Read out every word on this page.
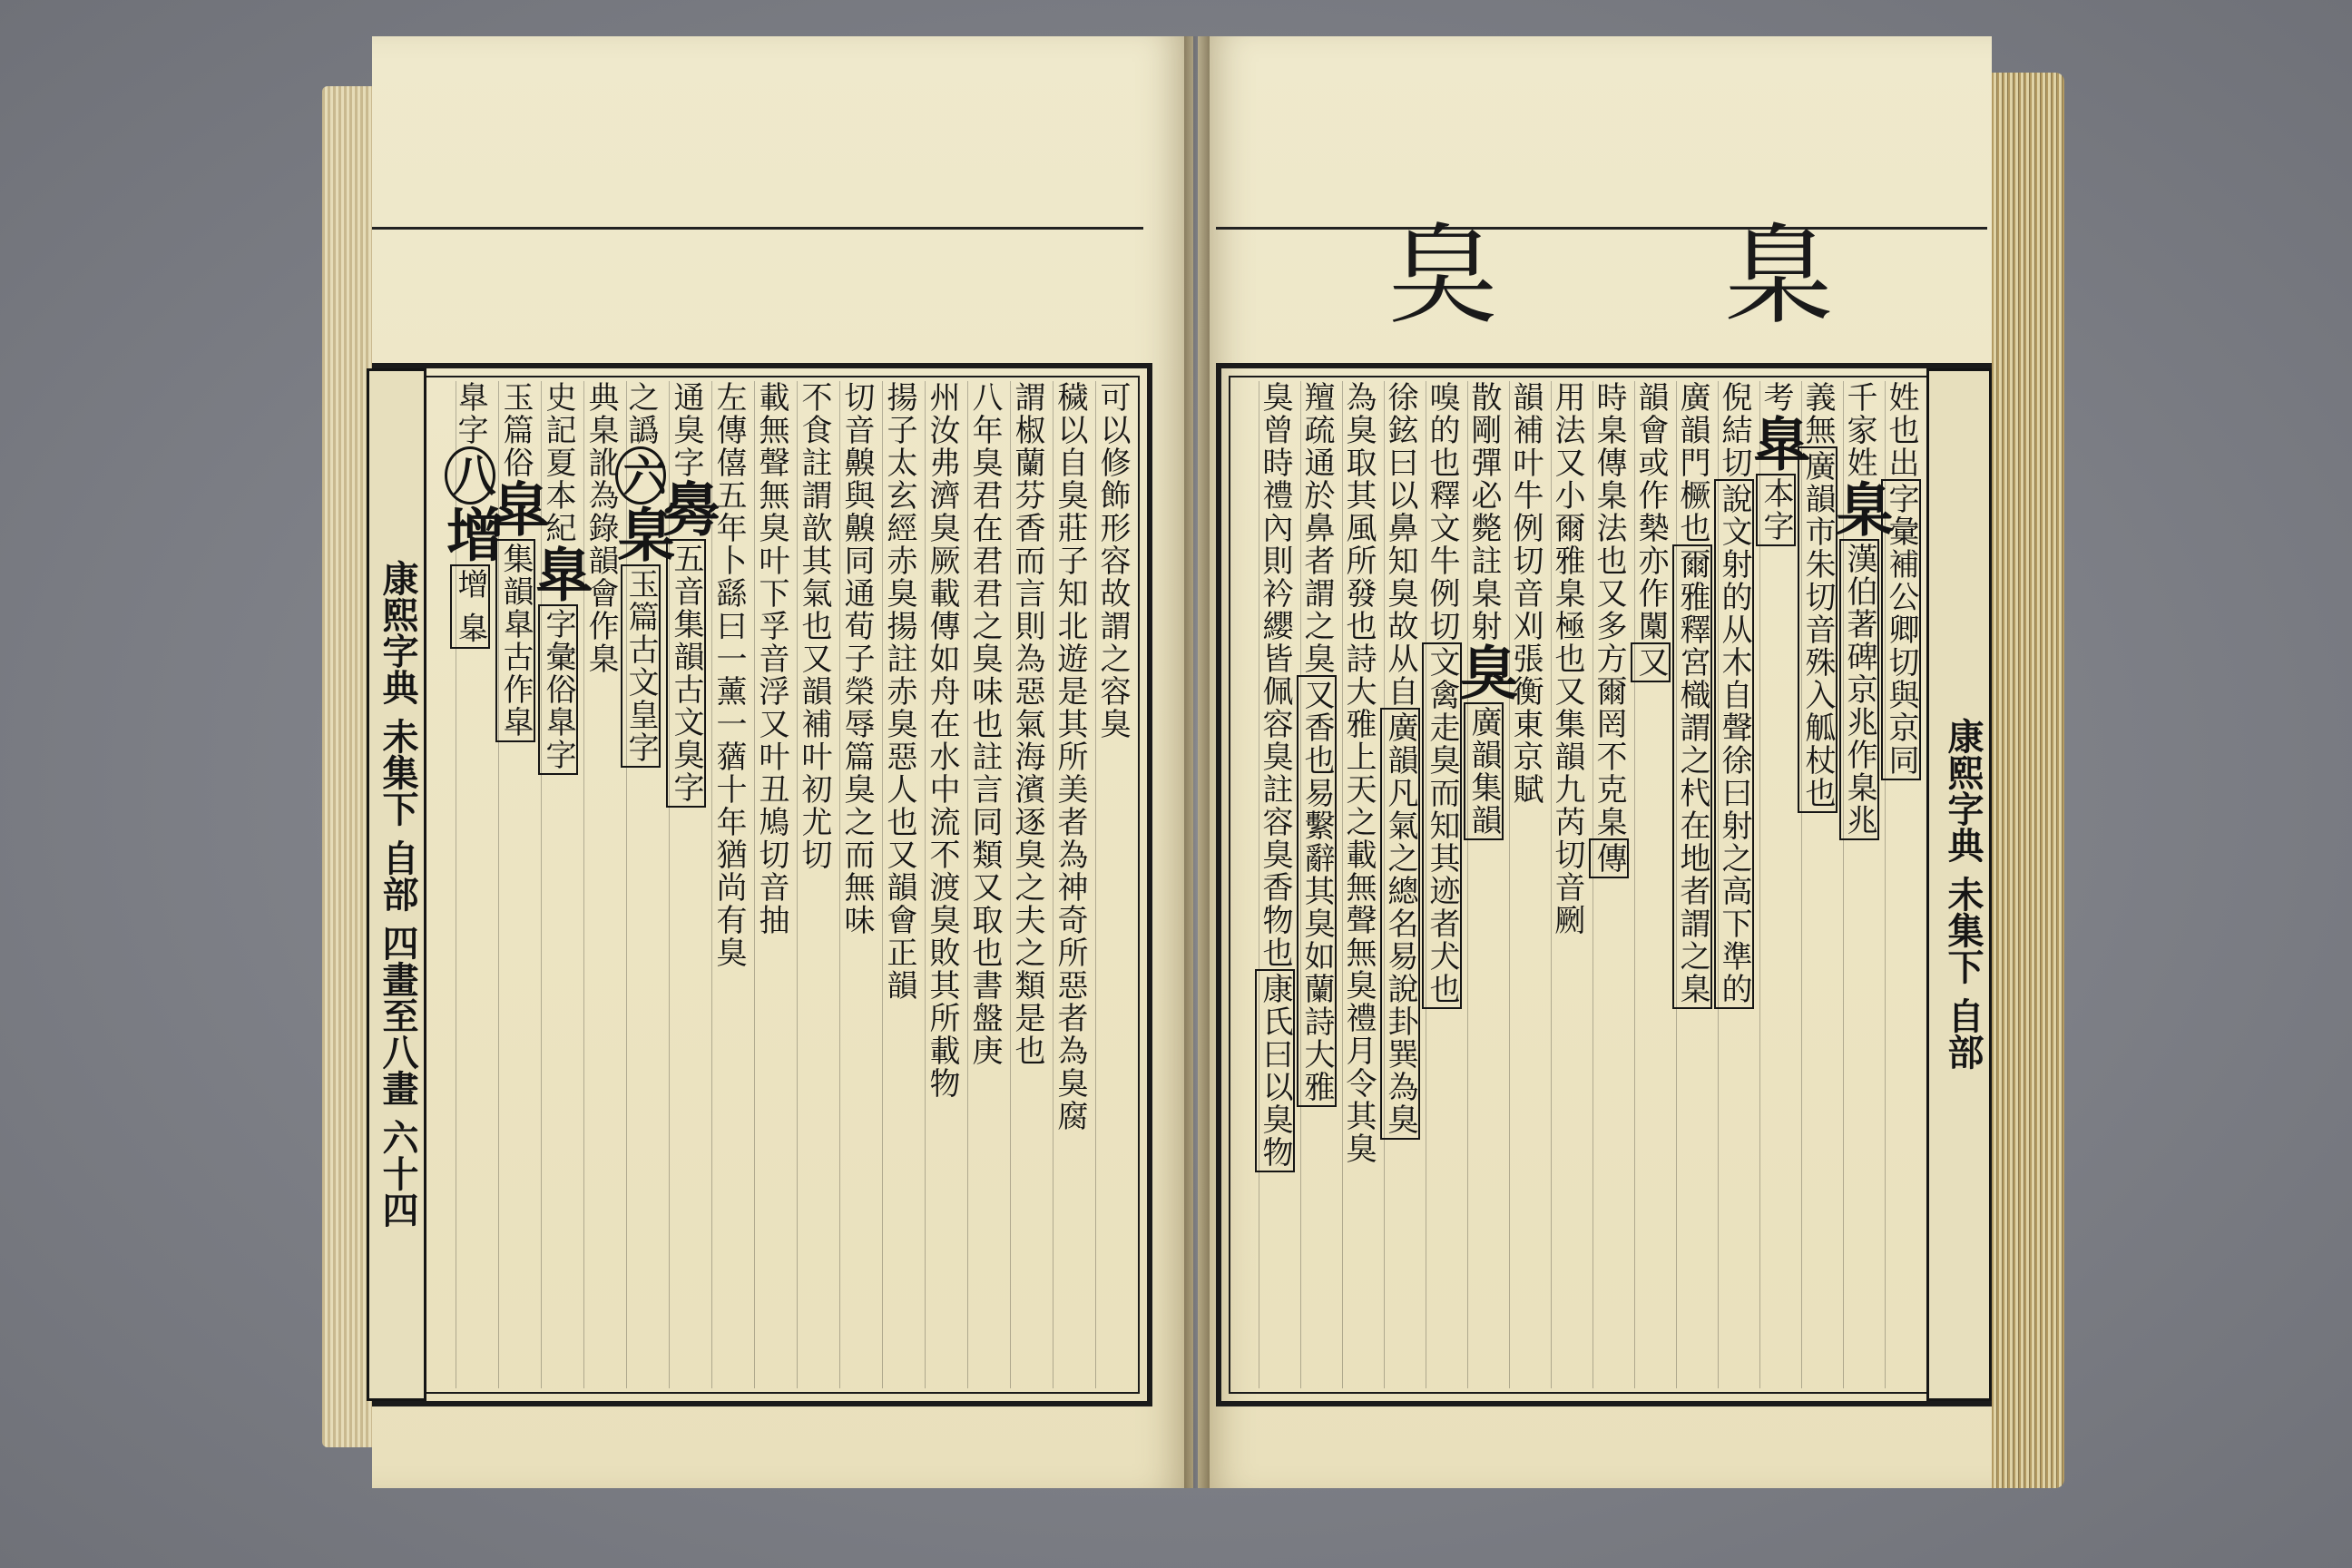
康熙字典 未集下 自部 四畫至八畫 六十四	可以修飾形容故謂之容臭
穢以自臭莊子知北遊是其所美者為神奇所惡者為臭腐
謂椒蘭芬香而言則為惡氣海濱逐臭之夫之類是也
八年臭君在君君之臭味也註言同類又取也書盤庚
州汝弗濟臭厥載傳如舟在水中流不渡臭敗其所載物
揚子太玄經赤臭揚註赤臭惡人也又韻會正韻
切音齅與齅同通荀子榮辱篇臭之而無味
不食註謂歆其氣也又韻補叶初尤切
載無聲無臭叶下孚音浮又叶丑鳩切音抽
左傳僖五年卜繇曰一薰一蕕十年猶尚有臭
通臭字臱五音集韻古文臭字
之譌六臬玉篇古文皇字
典臬訛為錄韻會作臬
史記夏本紀臯字彙俗臯字
玉篇俗皐集韻臯古作皐
臯字八增增 𦤎
㚖 臬
康熙字典 未集下 自部
姓也出字彙補公卿切與京同
千家姓臬漢伯著碑京兆作臬兆
義無廣韻市朱切音殊入觚杖也
考臯本字
倪結切說文射的从木自聲徐曰射之高下準的
廣韻門橛也爾雅釋宮樴謂之杙在地者謂之臬
韻會或作槷亦作闑又
時臬傳臬法也又多方爾罔不克臬傳
用法又小爾雅臬極也又集韻九芮切音劂
韻補叶牛例切音刈張衡東京賦
散剛彈必斃註臬射臭廣韻集韻
嗅的也釋文牛例切文禽走臭而知其迹者犬也
徐鉉曰以鼻知臭故从自廣韻凡氣之總名易說卦巽為臭
為臭取其風所發也詩大雅上天之載無聲無臭禮月令其臭
羶疏通於鼻者謂之臭又香也易繫辭其臭如蘭詩大雅
臭曾時禮內則衿纓皆佩容臭註容臭香物也康氏曰以臭物
